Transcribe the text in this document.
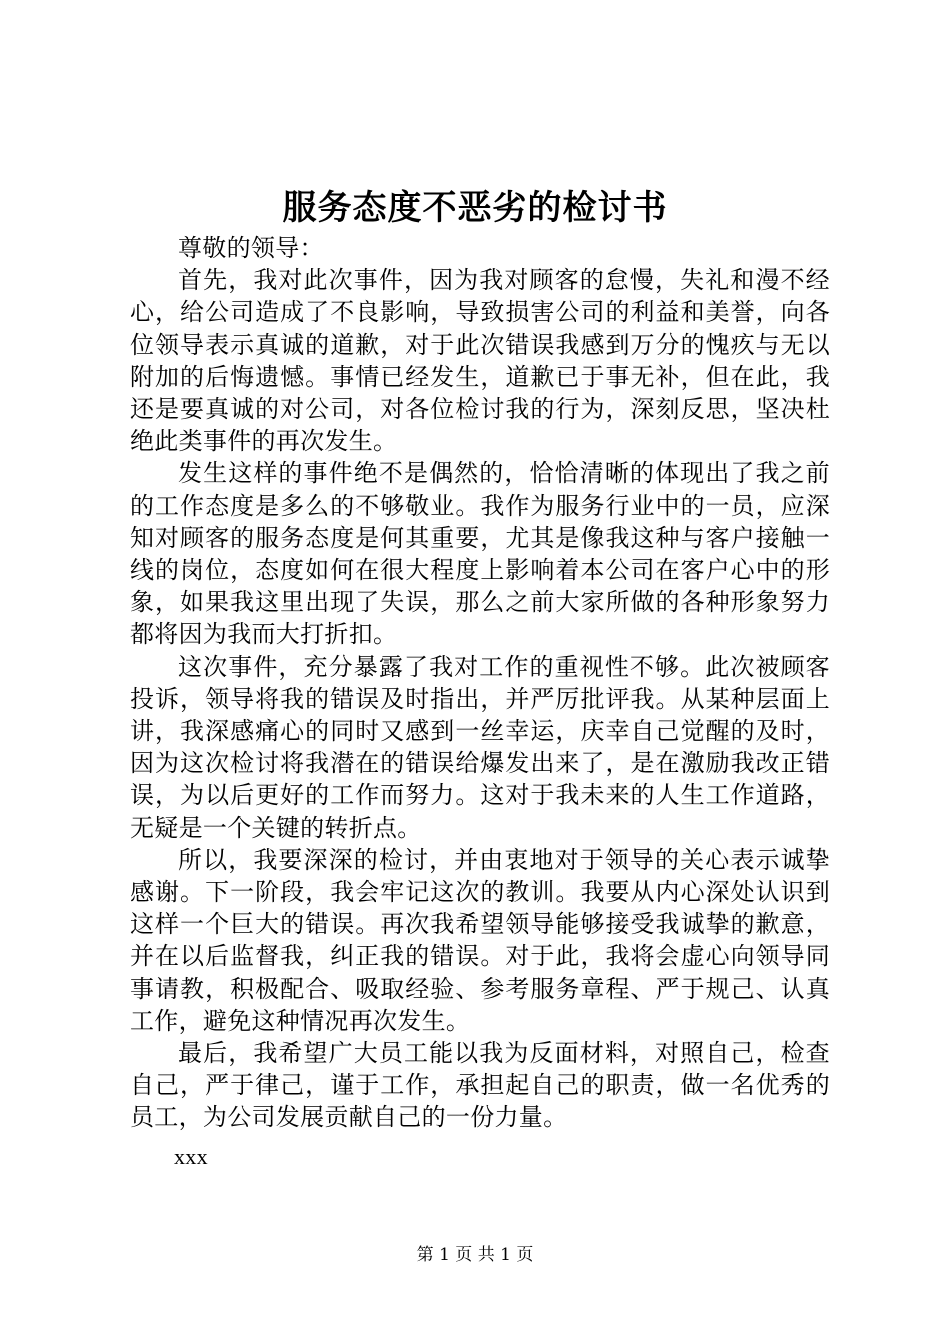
服务态度不恶劣的检讨书
尊敬的领导：

首先，我对此次事件，因为我对顾客的怠慢，失礼和漫不经心，给公司造成了不良影响，导致损害公司的利益和美誉，向各位领导表示真诚的道歉，对于此次错误我感到万分的愧疚与无以附加的后悔遗憾。事情已经发生，道歉已于事无补，但在此，我还是要真诚的对公司，对各位检讨我的行为，深刻反思，坚决杜绝此类事件的再次发生。

发生这样的事件绝不是偶然的，恰恰清晰的体现出了我之前的工作态度是多么的不够敬业。我作为服务行业中的一员，应深知对顾客的服务态度是何其重要，尤其是像我这种与客户接触一线的岗位，态度如何在很大程度上影响着本公司在客户心中的形象，如果我这里出现了失误，那么之前大家所做的各种形象努力都将因为我而大打折扣。

这次事件，充分暴露了我对工作的重视性不够。此次被顾客投诉，领导将我的错误及时指出，并严厉批评我。从某种层面上讲，我深感痛心的同时又感到一丝幸运，庆幸自己觉醒的及时，因为这次检讨将我潜在的错误给爆发出来了，是在激励我改正错误，为以后更好的工作而努力。这对于我未来的人生工作道路，无疑是一个关键的转折点。

所以，我要深深的检讨，并由衷地对于领导的关心表示诚挚感谢。下一阶段，我会牢记这次的教训。我要从内心深处认识到这样一个巨大的错误。再次我希望领导能够接受我诚挚的歉意，并在以后监督我，纠正我的错误。对于此，我将会虚心向领导同事请教，积极配合、吸取经验、参考服务章程、严于规己、认真工作，避免这种情况再次发生。

最后，我希望广大员工能以我为反面材料，对照自己，检查自己，严于律己，谨于工作，承担起自己的职责，做一名优秀的员工，为公司发展贡献自己的一份力量。

xxx
第 1 页 共 1 页
